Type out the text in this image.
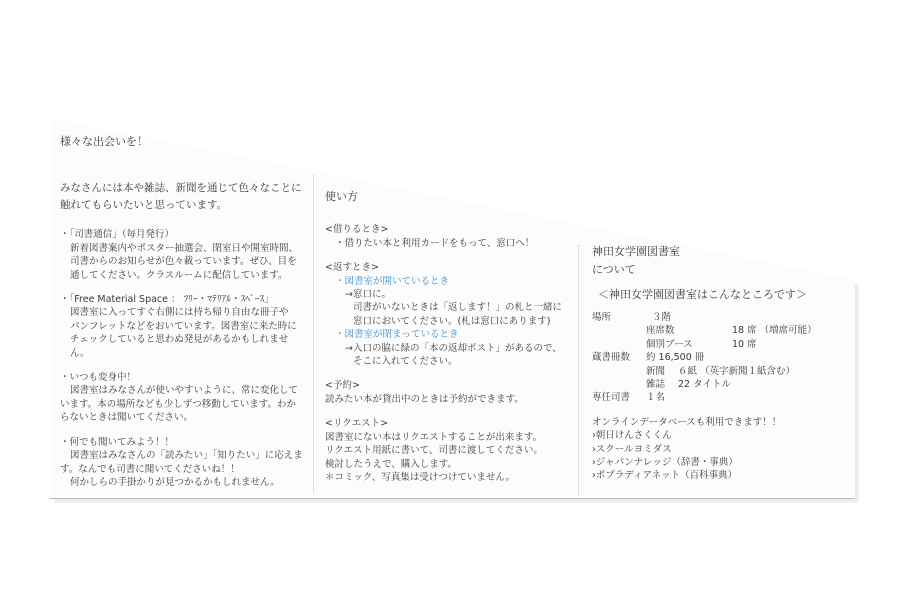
様々な出会いを！

みなさんには本や雑誌、新聞を通じて色々なことに

触れてもらいたいと思っています。

・「司書通信」（毎月発行）

新着図書案内やポスター抽選会、閉室日や開室時間、

司書からのお知らせが色々載っています。ぜひ、目を

通してください。クラスルームに配信しています。

・「Free Material Space ： ﾌﾘｰ・ﾏﾃﾘｱﾙ・ｽﾍﾟｰｽ」

図書室に入ってすぐ右側には持ち帰り自由な冊子や

パンフレットなどをおいています。図書室に来た時に

チェックしていると思わぬ発見があるかもしれませ

ん。

・いつも変身中！

図書室はみなさんが使いやすいように、常に変化して

います。本の場所なども少しずつ移動しています。わか

らないときは聞いてください。

・何でも聞いてみよう！！

図書室はみなさんの「読みたい」「知りたい」に応えま

す。なんでも司書に聞いてくださいね！！

何かしらの手掛かりが見つかるかもしれません。

使い方

<借りるとき>

・借りたい本と利用カードをもって、窓口へ！

<返すとき>

・図書室が開いているとき

→窓口に。

司書がいないときは「返します！」の札と一緒に

窓口においてください。(札は窓口にあります)

・図書室が閉まっているとき

→入口の脇に緑の「本の返却ポスト」があるので、

そこに入れてください。

<予約>

読みたい本が貸出中のときは予約ができます。

<リクエスト>

図書室にない本はリクエストすることが出来ます。

リクエスト用紙に書いて、司書に渡してください。

検討したうえで、購入します。

＊コミック、写真集は受けつけていません。

神田女学園図書室

について

＜神田女学園図書室はこんなところです＞

場所	３階
座席数	18 席 （増席可能）
個別ブース	10 席
蔵書冊数	約 16,500 冊
新聞	６紙 （英字新聞１紙含む）
雑誌	22 タイトル
専任司書	１名

オンラインデータベースも利用できます！！

›朝日けんさくくん

›スクールヨミダス

›ジャパンナレッジ（辞書・事典）

›ポプラディアネット（百科事典）
